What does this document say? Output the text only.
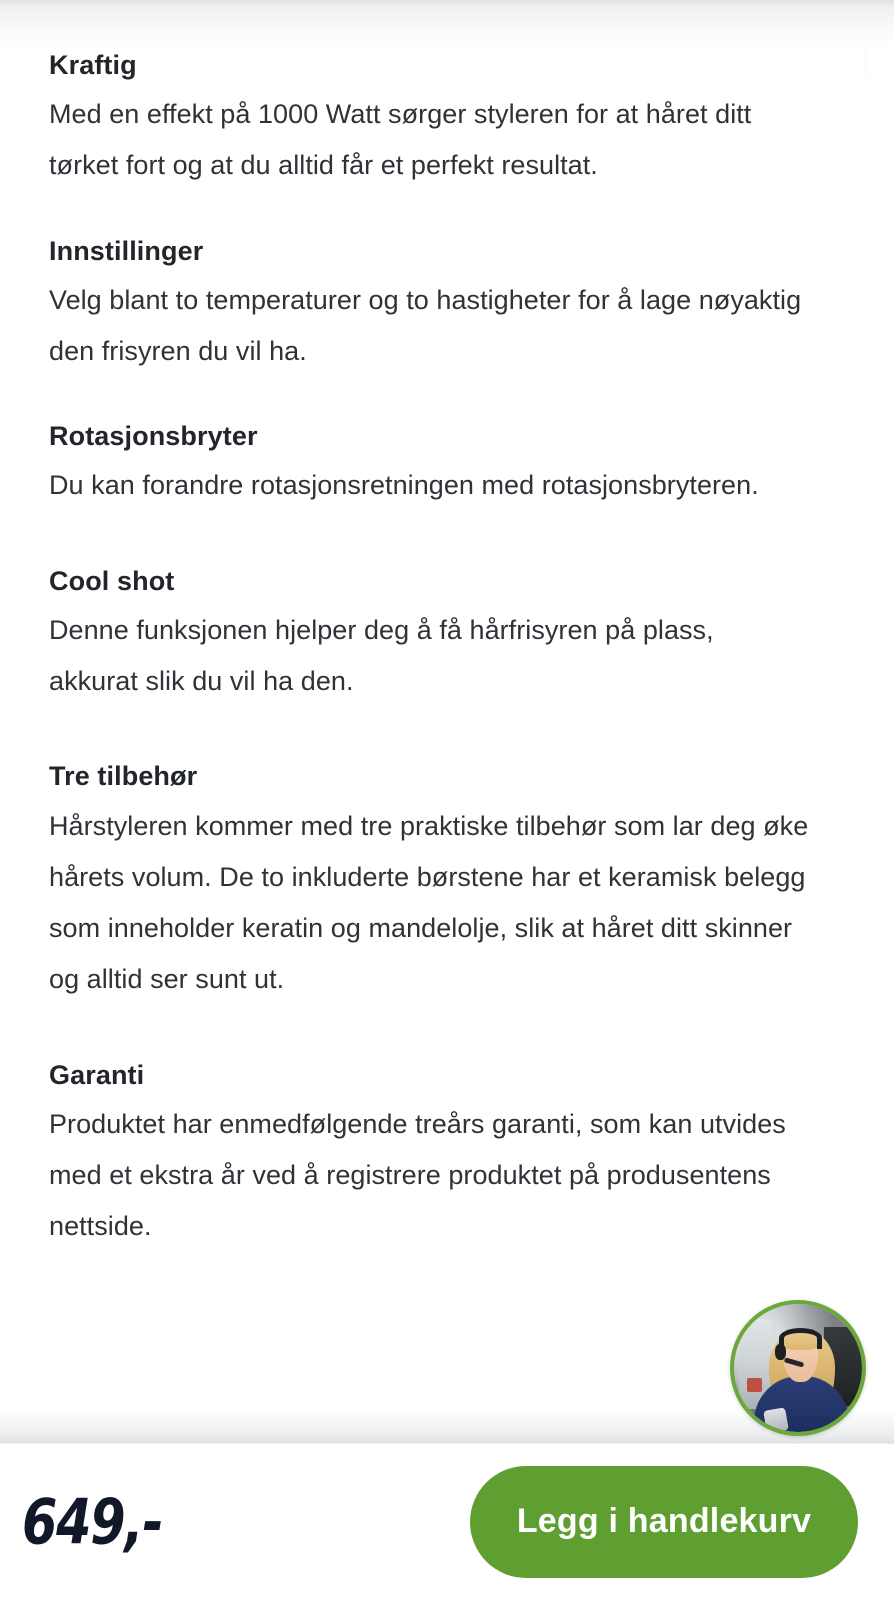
Kraftig
Med en effekt på 1000 Watt sørger styleren for at håret ditt tørket fort og at du alltid får et perfekt resultat.
Innstillinger
Velg blant to temperaturer og to hastigheter for å lage nøyaktig den frisyren du vil ha.
Rotasjonsbryter
Du kan forandre rotasjonsretningen med rotasjonsbryteren.
Cool shot
Denne funksjonen hjelper deg å få hårfrisyren på plass, akkurat slik du vil ha den.
Tre tilbehør
Hårstyleren kommer med tre praktiske tilbehør som lar deg øke hårets volum. De to inkluderte børstene har et keramisk belegg som inneholder keratin og mandelolje, slik at håret ditt skinner og alltid ser sunt ut.
Garanti
Produktet har enmedfølgende treårs garanti, som kan utvides med et ekstra år ved å registrere produktet på produsentens nettside.
649,-	Legg i handlekurv
